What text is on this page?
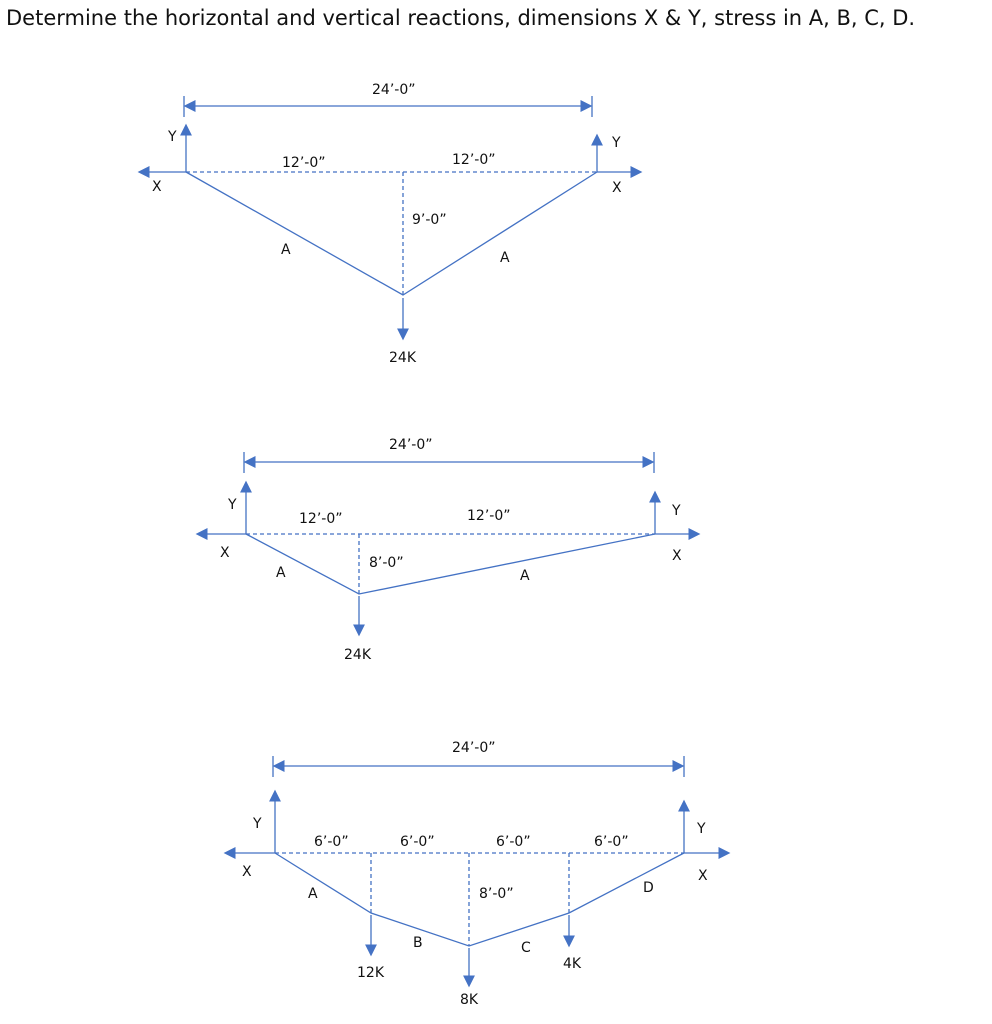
Determine the horizontal and vertical reactions, dimensions X & Y, stress in A, B, C, D.
24’-0”
12’-0”	12’-0”
9’-0”
A	A
24K
Y
X
Y
X
24’-0”
12’-0”	12’-0”
8’-0”
A	A
24K
Y
X
Y
X
24’-0”
6’-0”	6’-0”	6’-0”	6’-0”
8’-0”
A
B	C
D
12K
8K
4K
Y
X
Y
X
